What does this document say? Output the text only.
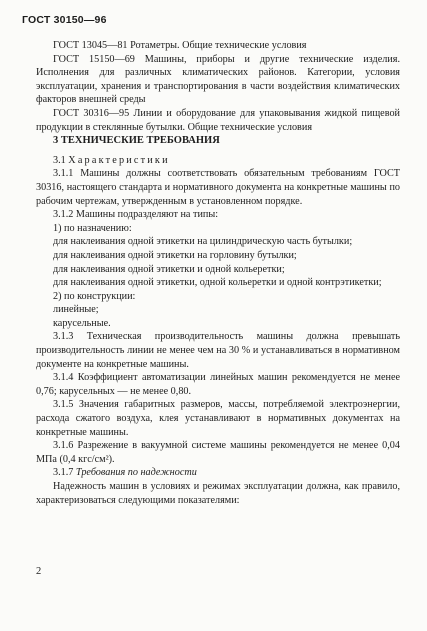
ГОСТ 30150—96

ГОСТ 13045—81 Ротаметры. Общие технические условия

ГОСТ 15150—69 Машины, приборы и другие технические изделия. Исполнения для различных климатических районов. Категории, условия эксплуатации, хранения и транспортирования в части воздействия климатических факторов внешней среды

ГОСТ 30316—95 Линии и оборудование для упаковывания жидкой пищевой продукции в стеклянные бутылки. Общие технические условия

3 ТЕХНИЧЕСКИЕ ТРЕБОВАНИЯ

3.1 Характеристики

3.1.1 Машины должны соответствовать обязательным требованиям ГОСТ 30316, настоящего стандарта и нормативного документа на конкретные машины по рабочим чертежам, утвержденным в установленном порядке.

3.1.2 Машины подразделяют на типы:

1) по назначению:

для наклеивания одной этикетки на цилиндрическую часть бутылки;

для наклеивания одной этикетки на горловину бутылки;

для наклеивания одной этикетки и одной кольеретки;

для наклеивания одной этикетки, одной кольеретки и одной контрэтикетки;

2) по конструкции:

линейные;

карусельные.

3.1.3 Техническая производительность машины должна превышать производительность линии не менее чем на 30 % и устанавливаться в нормативном документе на конкретные машины.

3.1.4 Коэффициент автоматизации линейных машин рекомендуется не менее 0,76; карусельных — не менее 0,80.

3.1.5 Значения габаритных размеров, массы, потребляемой электроэнергии, расхода сжатого воздуха, клея устанавливают в нормативных документах на конкретные машины.

3.1.6 Разрежение в вакуумной системе машины рекомендуется не менее 0,04 МПа (0,4 кгс/см²).

3.1.7 Требования по надежности

Надежность машин в условиях и режимах эксплуатации должна, как правило, характеризоваться следующими показателями:

2
